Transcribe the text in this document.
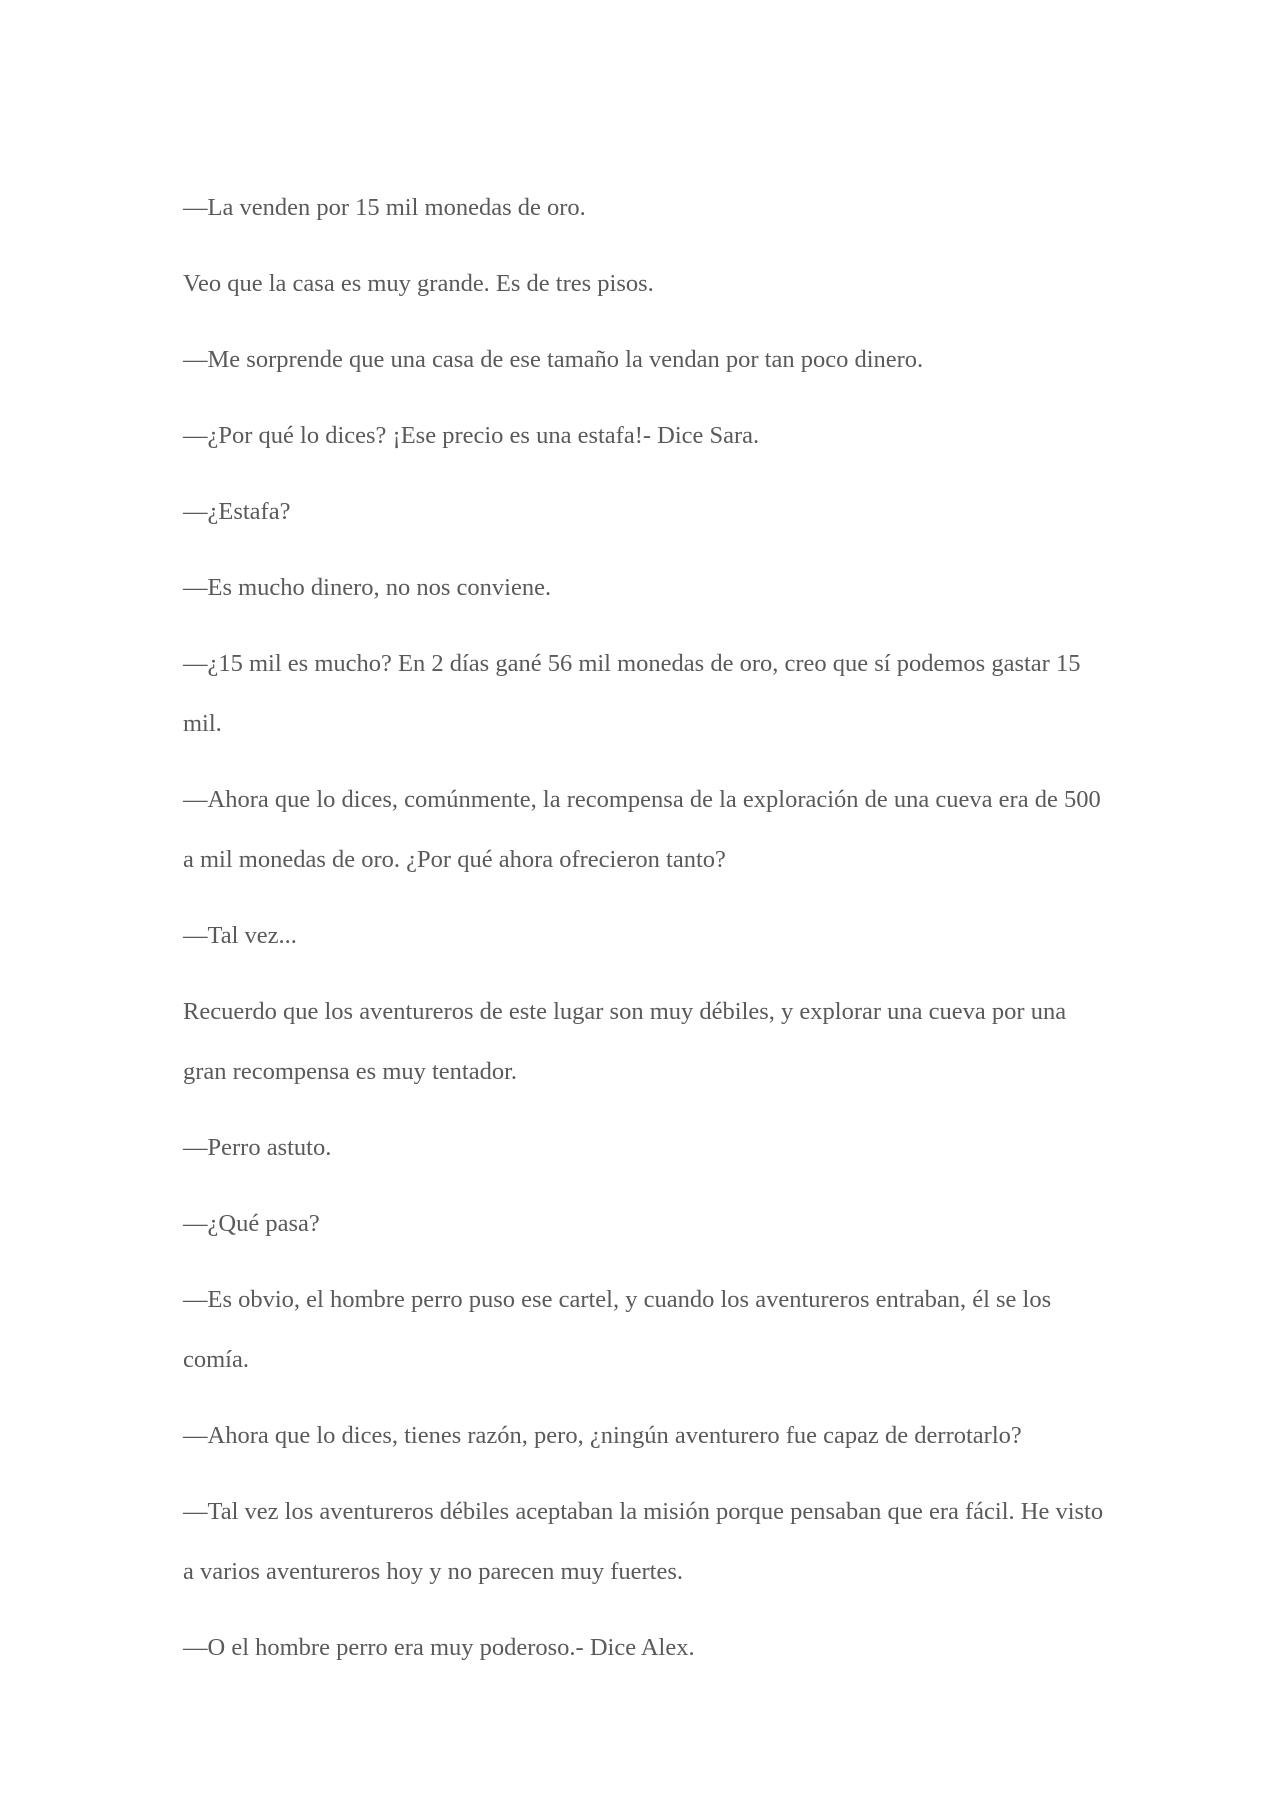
—La venden por 15 mil monedas de oro.

Veo que la casa es muy grande. Es de tres pisos.

—Me sorprende que una casa de ese tamaño la vendan por tan poco dinero.

—¿Por qué lo dices? ¡Ese precio es una estafa!- Dice Sara.

—¿Estafa?

—Es mucho dinero, no nos conviene.

—¿15 mil es mucho? En 2 días gané 56 mil monedas de oro, creo que sí podemos gastar 15 mil.

—Ahora que lo dices, comúnmente, la recompensa de la exploración de una cueva era de 500 a mil monedas de oro. ¿Por qué ahora ofrecieron tanto?

—Tal vez...

Recuerdo que los aventureros de este lugar son muy débiles, y explorar una cueva por una gran recompensa es muy tentador.

—Perro astuto.

—¿Qué pasa?

—Es obvio, el hombre perro puso ese cartel, y cuando los aventureros entraban, él se los comía.

—Ahora que lo dices, tienes razón, pero, ¿ningún aventurero fue capaz de derrotarlo?

—Tal vez los aventureros débiles aceptaban la misión porque pensaban que era fácil. He visto a varios aventureros hoy y no parecen muy fuertes.

—O el hombre perro era muy poderoso.- Dice Alex.
